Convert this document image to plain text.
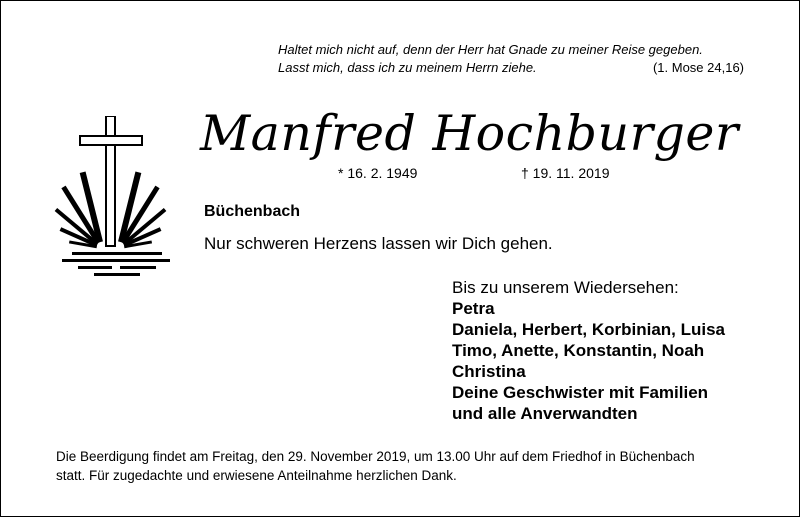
Haltet mich nicht auf, denn der Herr hat Gnade zu meiner Reise gegeben.
Lasst mich, dass ich zu meinem Herrn ziehe.	(1. Mose 24,16)
Manfred Hochburger
* 16. 2. 1949	† 19. 11. 2019
Büchenbach
Nur schweren Herzens lassen wir Dich gehen.
Bis zu unserem Wiedersehen:
Petra
Daniela, Herbert, Korbinian, Luisa
Timo, Anette, Konstantin, Noah
Christina
Deine Geschwister mit Familien
und alle Anverwandten
Die Beerdigung findet am Freitag, den 29. November 2019, um 13.00 Uhr auf dem Friedhof in Büchenbach
statt. Für zugedachte und erwiesene Anteilnahme herzlichen Dank.
